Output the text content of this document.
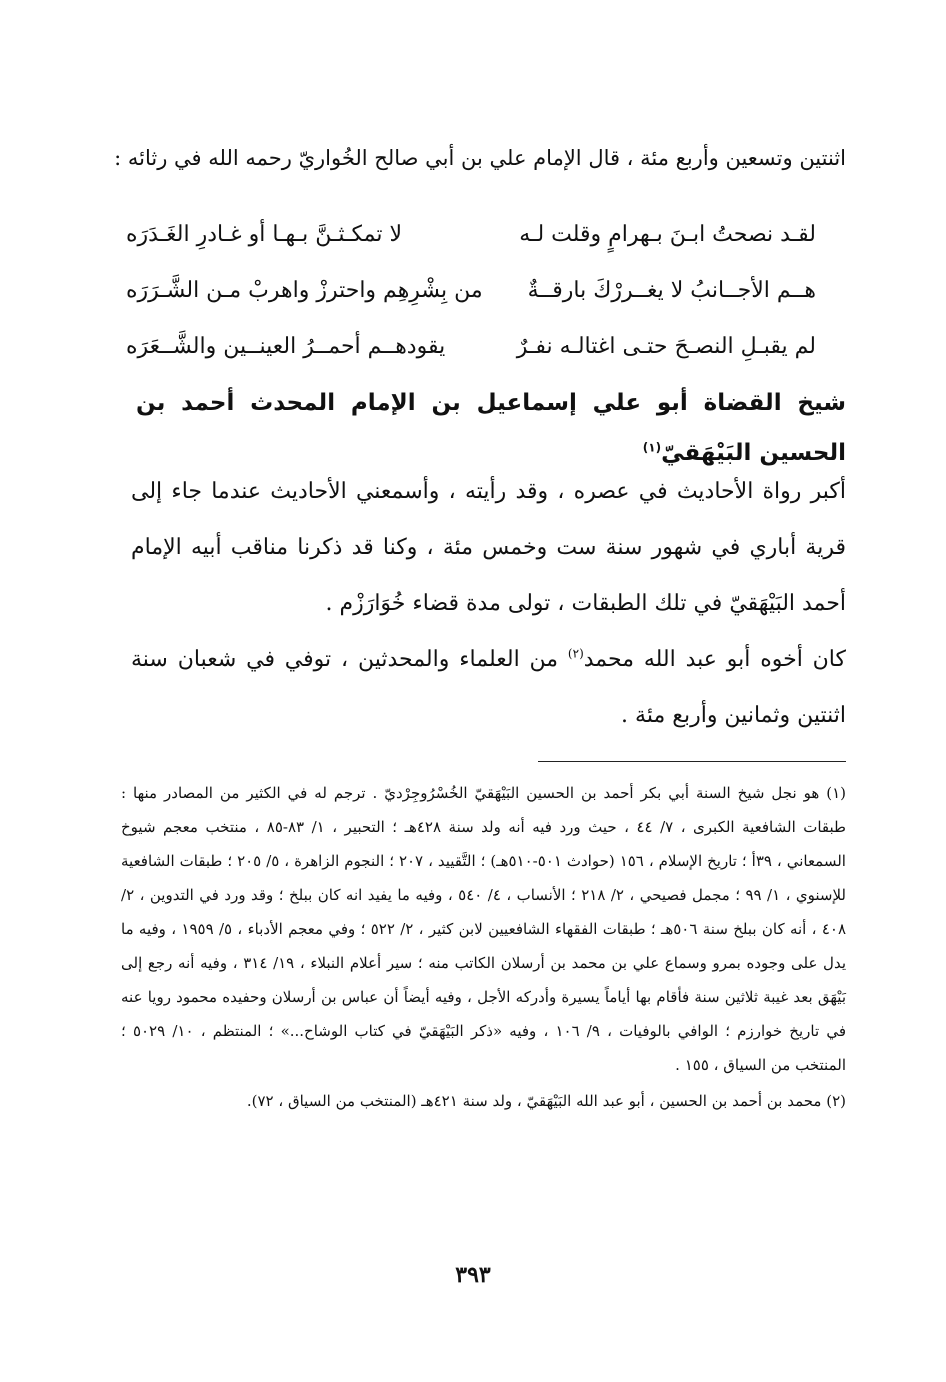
اثنتين وتسعين وأربع مئة ، قال الإمام علي بن أبي صالح الخُواريّ رحمه الله في رثائه :
لقـد نصحتُ ابـنَ بـهرامٍ وقلت لـه
لا تمكـثـنَّ بـهـا أو غـادرِ الغَـدَرَه
هــم الأجــانبُ لا يغــررْكَ بارقــةٌ
من بِشْرِهِم واحترزْ واهربْ مـن الشَّـرَرَه
لم يقبـلِ النصـحَ حتـى اغتالـه نفـرٌ
يقودهــم أحمــرُ العينــين والشَّــعَرَه
شيخ القضاة أبو علي إسماعيل بن الإمام المحدث أحمد بن الحسين البَيْهَقيّ$^{(١)}$

أكبر رواة الأحاديث في عصره ، وقد رأيته ، وأسمعني الأحاديث عندما جاء إلى قرية أباري في شهور سنة ست وخمس مئة ، وكنا قد ذكرنا مناقب أبيه الإمام أحمد البَيْهَقيّ في تلك الطبقات ، تولى مدة قضاء خُوَارَزْم .

كان أخوه أبو عبد الله محمد$^{(٢)}$ من العلماء والمحدثين ، توفي في شعبان سنة اثنتين وثمانين وأربع مئة .

(١) هو نجل شيخ السنة أبي بكر أحمد بن الحسين البَيْهَقيّ الخُسْرُوجِرْديّ . ترجم له في الكثير من المصادر منها : طبقات الشافعية الكبرى ، ٧/ ٤٤ ، حيث ورد فيه أنه ولد سنة ٤٢٨هـ ؛ التحبير ، ١/ ٨٣-٨٥ ، منتخب معجم شيوخ السمعاني ، ٣٩أ ؛ تاريخ الإسلام ، ١٥٦ (حوادث ٥٠١-٥١٠هـ) ؛ التَّقييد ، ٢٠٧ ؛ النجوم الزاهرة ، ٥/ ٢٠٥ ؛ طبقات الشافعية للإسنوي ، ١/ ٩٩ ؛ مجمل فصيحي ، ٢/ ٢١٨ ؛ الأنساب ، ٤/ ٥٤٠ ، وفيه ما يفيد انه كان ببلخ ؛ وقد ورد في التدوين ، ٢/ ٤٠٨ ، أنه كان ببلخ سنة ٥٠٦هـ ؛ طبقات الفقهاء الشافعيين لابن كثير ، ٢/ ٥٢٢ ؛ وفي معجم الأدباء ، ٥/ ١٩٥٩ ، وفيه ما يدل على وجوده بمرو وسماع علي بن محمد بن أرسلان الكاتب منه ؛ سير أعلام النبلاء ، ١٩/ ٣١٤ ، وفيه أنه رجع إلى بَيْهَق بعد غيبة ثلاثين سنة فأقام بها أياماً يسيرة وأدركه الأجل ، وفيه أيضاً أن عباس بن أرسلان وحفيده محمود رويا عنه في تاريخ خوارزم ؛ الوافي بالوفيات ، ٩/ ١٠٦ ، وفيه «ذكر البَيْهَقيّ في كتاب الوشاح...» ؛ المنتظم ، ١٠/ ٥٠٢٩ ؛ المنتخب من السياق ، ١٥٥ .

(٢) محمد بن أحمد بن الحسين ، أبو عبد الله البَيْهَقيّ ، ولد سنة ٤٢١هـ (المنتخب من السياق ، ٧٢).

٣٩٣
